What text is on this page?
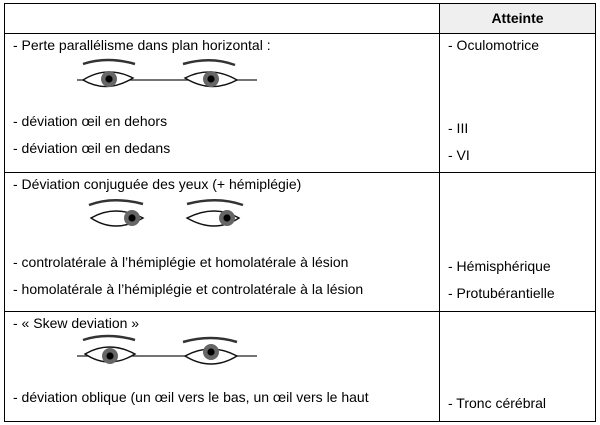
Atteinte
- Perte parallélisme dans plan horizontal :	- Oculomotrice
- déviation œil en dehors	- III
- déviation œil en dedans	- VI
- Déviation conjuguée des yeux (+ hémiplégie)
- controlatérale à l’hémiplégie et homolatérale à lésion	- Hémisphérique
- homolatérale à l’hémiplégie et controlatérale à la lésion	- Protubérantielle
- « Skew deviation »
- déviation oblique (un œil vers le bas, un œil vers le haut	- Tronc cérébral
